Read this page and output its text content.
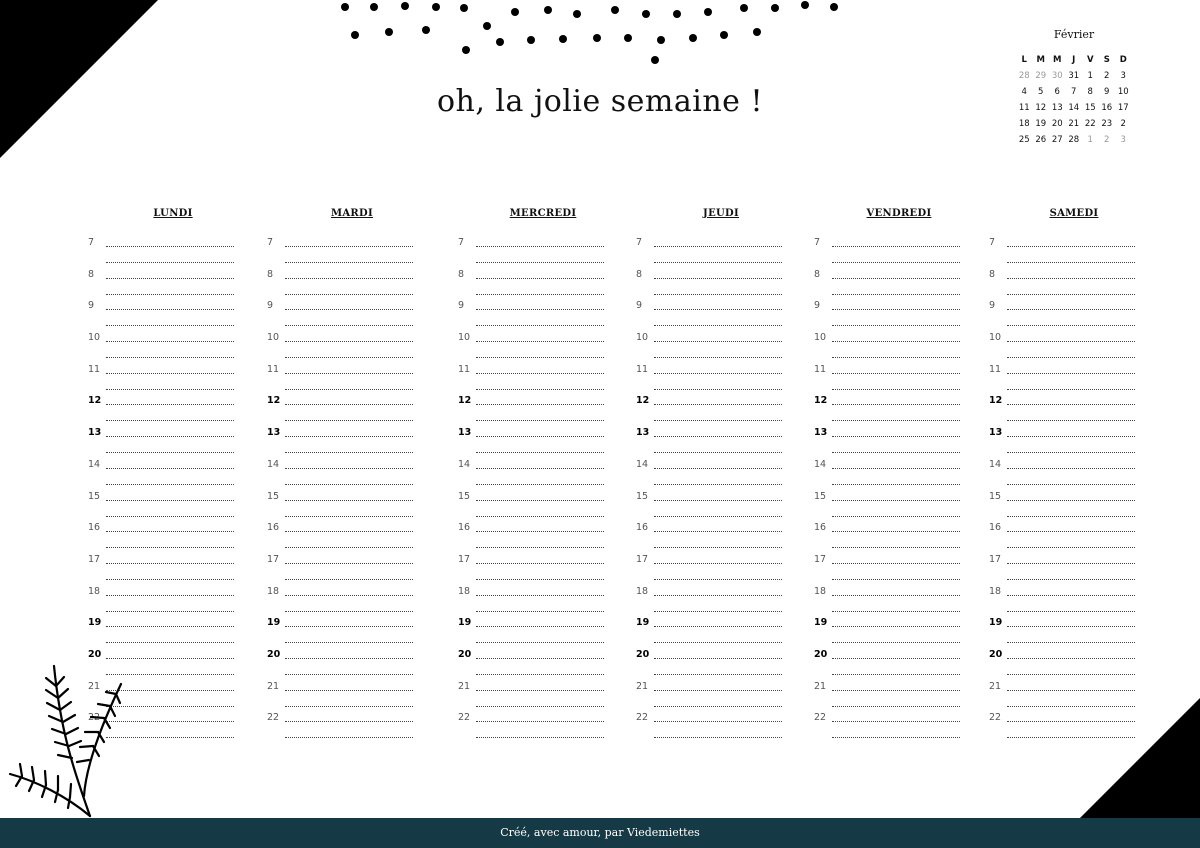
oh, la jolie semaine !
Février
L	M M	J	V	S	D
28 29 30 31 1	2	3
4	5	6	7	8	9 10
11 12 13 14 15 16 17
18 19 20 21 22 23 2
25 26 27 28 1	2	3
LUNDI
7
8
9
10
11
12
13
14
15
16
17
18
19
20
21
22
MARDI
7
8
9
10
11
12
13
14
15
16
17
18
19
20
21
22
MERCREDI
7
8
9
10
11
12
13
14
15
16
17
18
19
20
21
22
JEUDI
7
8
9
10
11
12
13
14
15
16
17
18
19
20
21
22
VENDREDI
7
8
9
10
11
12
13
14
15
16
17
18
19
20
21
22
SAMEDI
7
8
9
10
11
12
13
14
15
16
17
18
19
20
21
22
Créé, avec amour, par Viedemiettes
